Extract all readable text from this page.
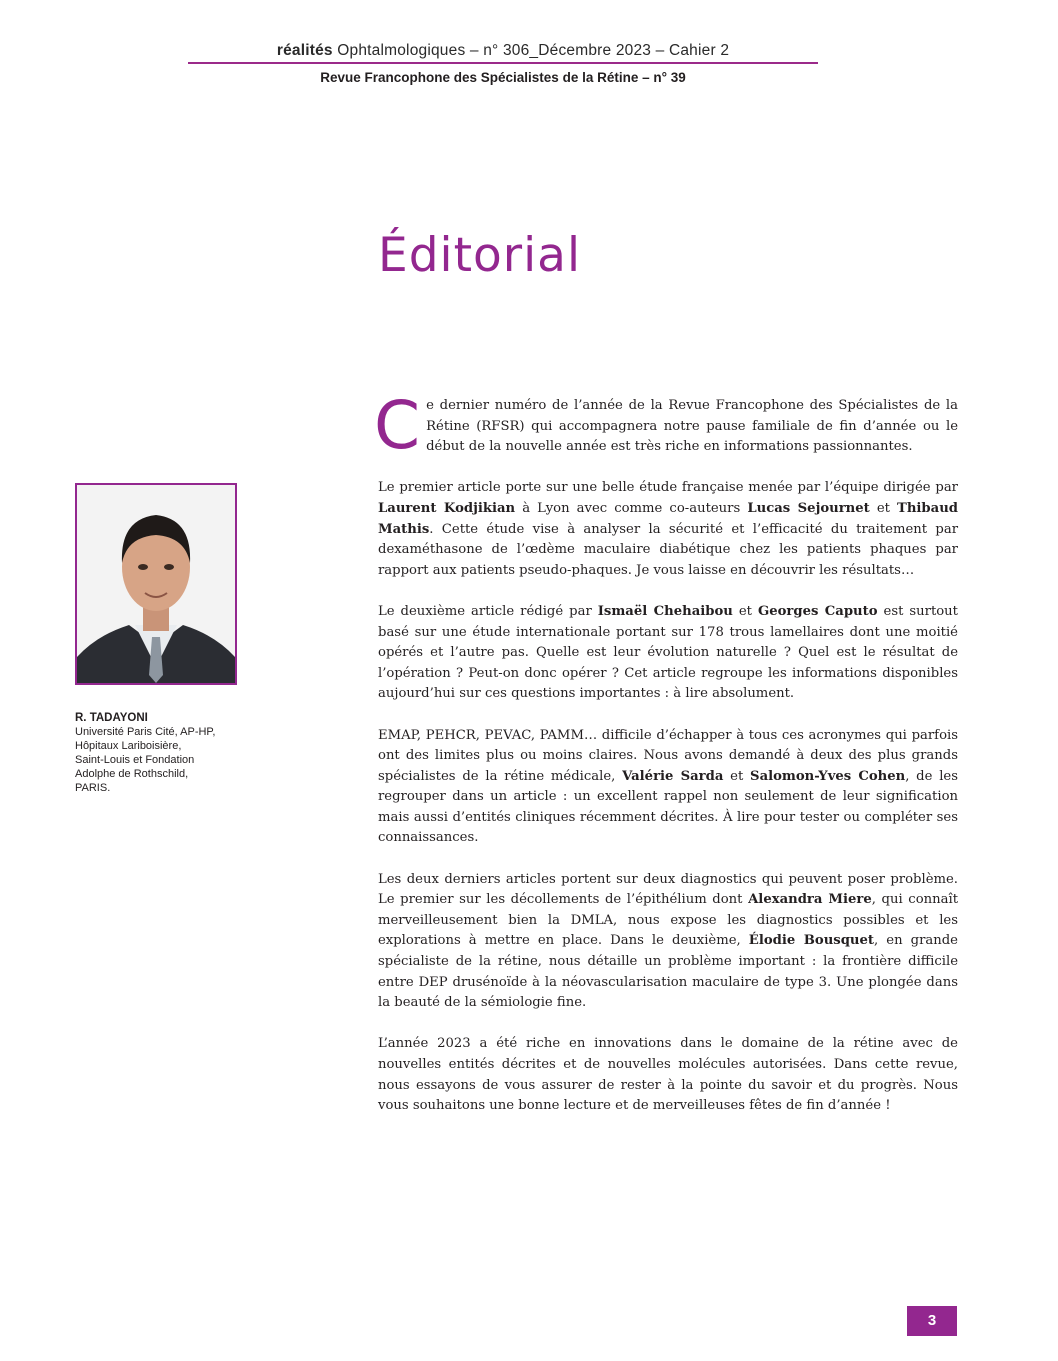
réalités Ophtalmologiques – n° 306_Décembre 2023 – Cahier 2
Revue Francophone des Spécialistes de la Rétine – n° 39
Éditorial
R. TADAYONI
Université Paris Cité, AP-HP,
Hôpitaux Lariboisière,
Saint-Louis et Fondation
Adolphe de Rothschild,
PARIS.

Ce dernier numéro de l’année de la Revue Francophone des Spécialistes de la Rétine (RFSR) qui accompagnera notre pause familiale de fin d’année ou le début de la nouvelle année est très riche en informations passionnantes.

Le premier article porte sur une belle étude française menée par l’équipe dirigée par Laurent Kodjikian à Lyon avec comme co-auteurs Lucas Sejournet et Thibaud Mathis. Cette étude vise à analyser la sécurité et l’efficacité du traitement par dexaméthasone de l’œdème maculaire diabétique chez les patients phaques par rapport aux patients pseudo-phaques. Je vous laisse en découvrir les résultats…

Le deuxième article rédigé par Ismaël Chehaibou et Georges Caputo est surtout basé sur une étude internationale portant sur 178 trous lamellaires dont une moitié opérés et l’autre pas. Quelle est leur évolution naturelle ? Quel est le résultat de l’opération ? Peut-on donc opérer ? Cet article regroupe les informations disponibles aujourd’hui sur ces questions importantes : à lire absolument.

EMAP, PEHCR, PEVAC, PAMM… difficile d’échapper à tous ces acronymes qui parfois ont des limites plus ou moins claires. Nous avons demandé à deux des plus grands spécialistes de la rétine médicale, Valérie Sarda et Salomon-Yves Cohen, de les regrouper dans un article : un excellent rappel non seulement de leur signification mais aussi d’entités cliniques récemment décrites. À lire pour tester ou compléter ses connaissances.

Les deux derniers articles portent sur deux diagnostics qui peuvent poser problème. Le premier sur les décollements de l’épithélium dont Alexandra Miere, qui connaît merveilleusement bien la DMLA, nous expose les diagnostics possibles et les explorations à mettre en place. Dans le deuxième, Élodie Bousquet, en grande spécialiste de la rétine, nous détaille un problème important : la frontière difficile entre DEP drusénoïde à la néovascularisation maculaire de type 3. Une plongée dans la beauté de la sémiologie fine.

L’année 2023 a été riche en innovations dans le domaine de la rétine avec de nouvelles entités décrites et de nouvelles molécules autorisées. Dans cette revue, nous essayons de vous assurer de rester à la pointe du savoir et du progrès. Nous vous souhaitons une bonne lecture et de merveilleuses fêtes de fin d’année !

3
